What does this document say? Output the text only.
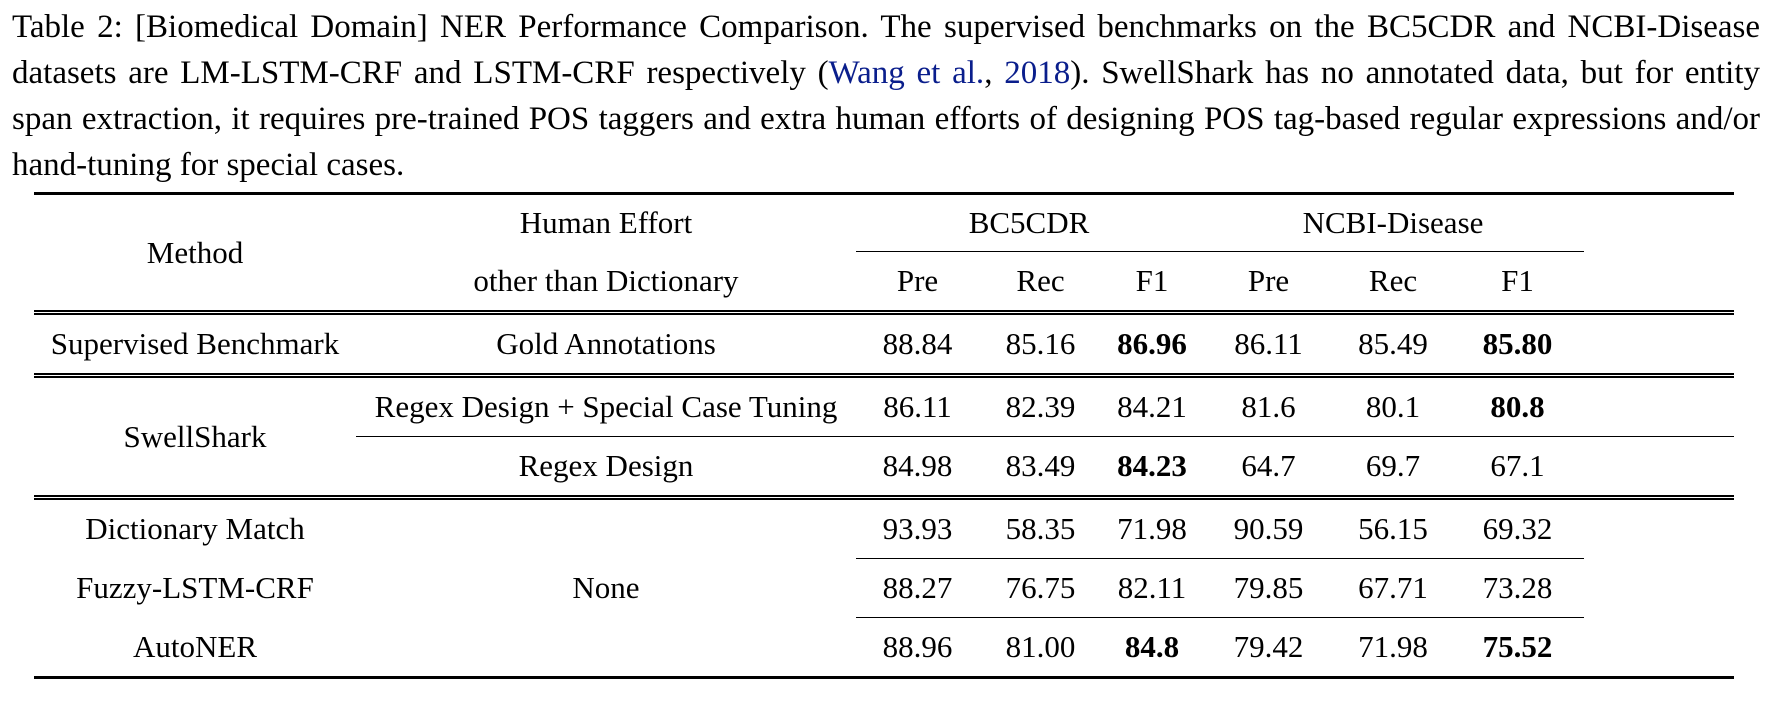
Table 2: [Biomedical Domain] NER Performance Comparison. The supervised benchmarks on the BC5CDR and NCBI-Disease datasets are LM-LSTM-CRF and LSTM-CRF respectively (Wang et al., 2018). SwellShark has no annotated data, but for entity span extraction, it requires pre-trained POS taggers and extra human efforts of designing POS tag-based regular expressions and/or hand-tuning for special cases.
Method	Human Effort	BC5CDR			NCBI-Disease			
	other than Dictionary	Pre	Rec	F1	Pre	Rec	F1	
Supervised Benchmark	Gold Annotations	88.84	85.16	86.96	86.11	85.49	85.80	
SwellShark	Regex Design + Special Case Tuning	86.11	82.39	84.21	81.6	80.1	80.8	
	Regex Design	84.98	83.49	84.23	64.7	69.7	67.1	
Dictionary Match	None	93.93	58.35	71.98	90.59	56.15	69.32	
Fuzzy-LSTM-CRF		88.27	76.75	82.11	79.85	67.71	73.28	
AutoNER		88.96	81.00	84.8	79.42	71.98	75.52	
